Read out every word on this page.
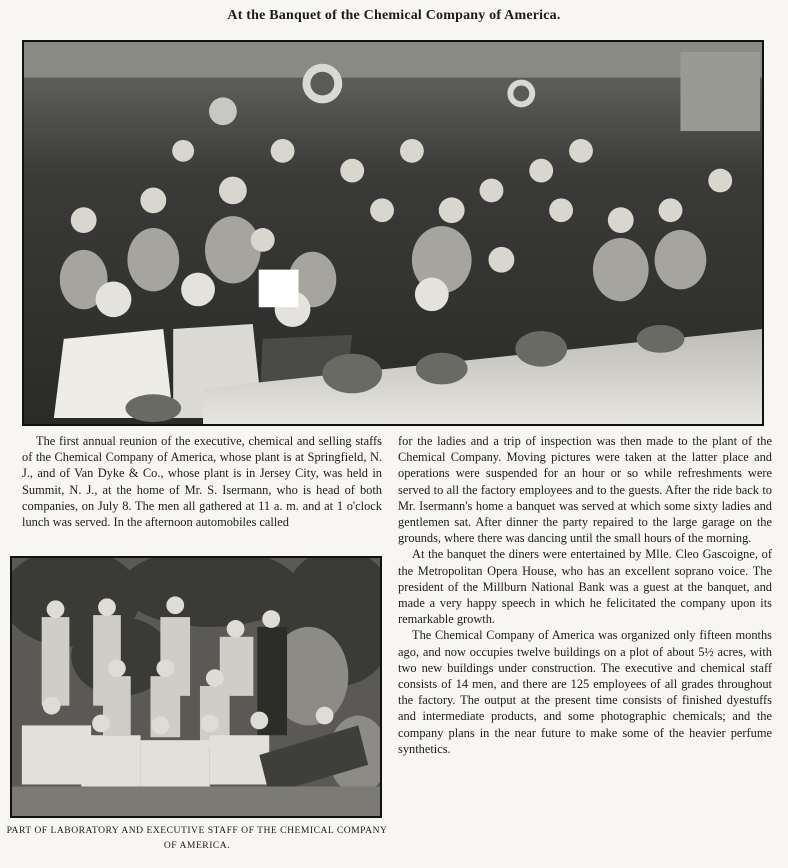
At the Banquet of the Chemical Company of America.

The first annual reunion of the executive, chemical and selling staffs of the Chemical Company of America, whose plant is at Springfield, N. J., and of Van Dyke & Co., whose plant is in Jersey City, was held in Summit, N. J., at the home of Mr. S. Isermann, who is head of both companies, on July 8. The men all gathered at 11 a. m. and at 1 o'clock lunch was served. In the afternoon automobiles called

for the ladies and a trip of inspection was then made to the plant of the Chemical Company. Moving pictures were taken at the latter place and operations were suspended for an hour or so while refreshments were served to all the factory employees and to the guests. After the ride back to Mr. Isermann's home a banquet was served at which some sixty ladies and gentlemen sat. After dinner the party repaired to the large garage on the grounds, where there was dancing until the small hours of the morning.

At the banquet the diners were entertained by Mlle. Cleo Gascoigne, of the Metropolitan Opera House, who has an excellent soprano voice. The president of the Millburn National Bank was a guest at the banquet, and made a very happy speech in which he felicitated the company upon its remarkable growth.

The Chemical Company of America was organized only fifteen months ago, and now occupies twelve buildings on a plot of about 5½ acres, with two new buildings under construction. The executive and chemical staff consists of 14 men, and there are 125 employees of all grades throughout the factory. The output at the present time consists of finished dyestuffs and intermediate products, and some photographic chemicals; and the company plans in the near future to make some of the heavier perfume synthetics.

PART OF LABORATORY AND EXECUTIVE STAFF OF THE CHEMICAL COMPANY OF AMERICA.
